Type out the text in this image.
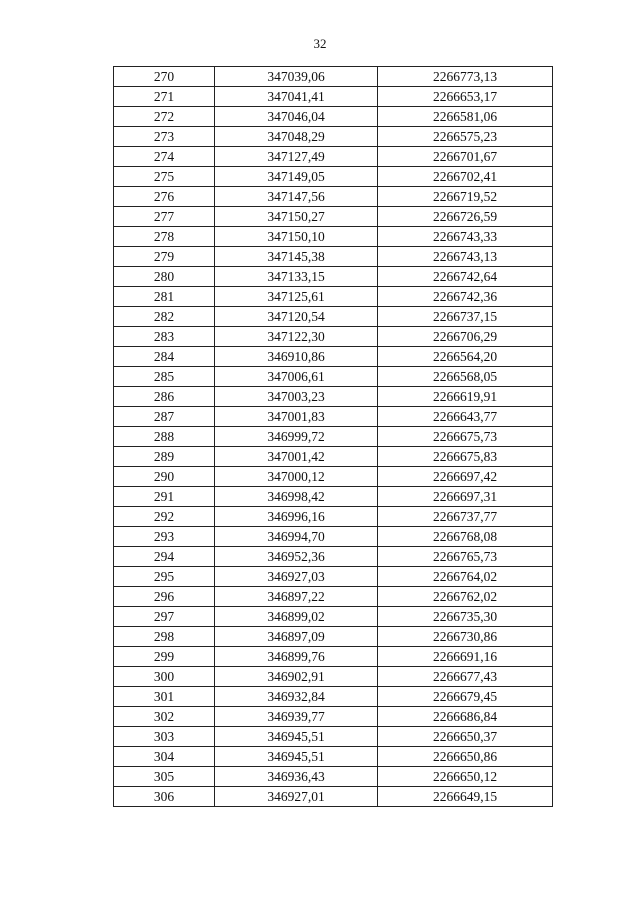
32
270	347039,06	2266773,13
271	347041,41	2266653,17
272	347046,04	2266581,06
273	347048,29	2266575,23
274	347127,49	2266701,67
275	347149,05	2266702,41
276	347147,56	2266719,52
277	347150,27	2266726,59
278	347150,10	2266743,33
279	347145,38	2266743,13
280	347133,15	2266742,64
281	347125,61	2266742,36
282	347120,54	2266737,15
283	347122,30	2266706,29
284	346910,86	2266564,20
285	347006,61	2266568,05
286	347003,23	2266619,91
287	347001,83	2266643,77
288	346999,72	2266675,73
289	347001,42	2266675,83
290	347000,12	2266697,42
291	346998,42	2266697,31
292	346996,16	2266737,77
293	346994,70	2266768,08
294	346952,36	2266765,73
295	346927,03	2266764,02
296	346897,22	2266762,02
297	346899,02	2266735,30
298	346897,09	2266730,86
299	346899,76	2266691,16
300	346902,91	2266677,43
301	346932,84	2266679,45
302	346939,77	2266686,84
303	346945,51	2266650,37
304	346945,51	2266650,86
305	346936,43	2266650,12
306	346927,01	2266649,15
